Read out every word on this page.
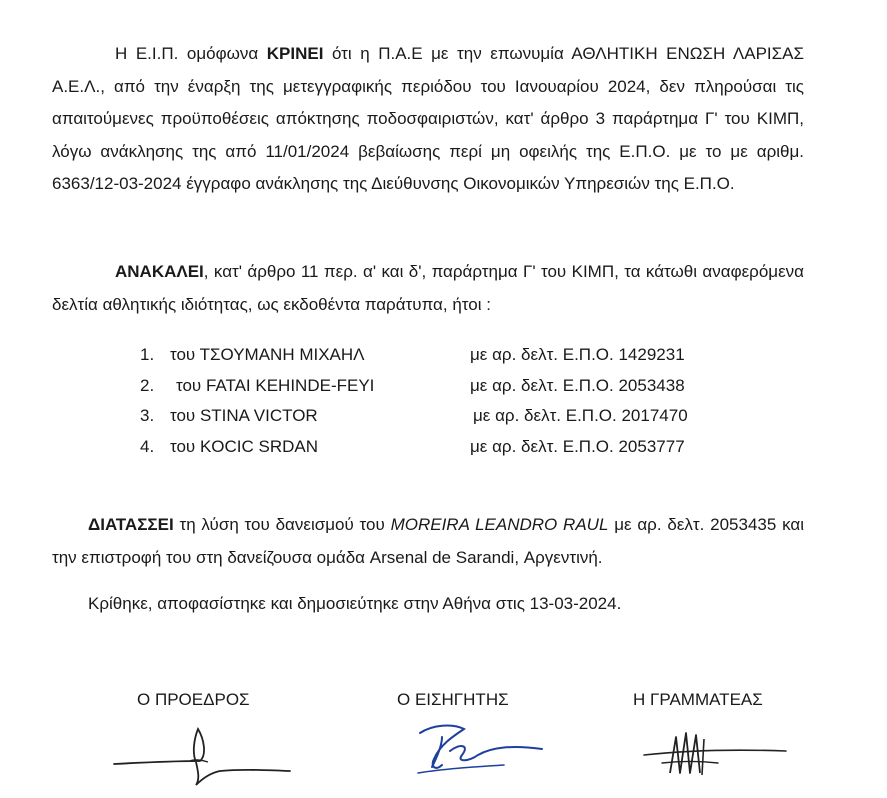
Η Ε.Ι.Π. ομόφωνα ΚΡΙΝΕΙ ότι η Π.Α.Ε με την επωνυμία ΑΘΛΗΤΙΚΗ ΕΝΩΣΗ ΛΑΡΙΣΑΣ Α.Ε.Λ., από την έναρξη της μετεγγραφικής περιόδου του Ιανουαρίου 2024, δεν πληρούσαι τις απαιτούμενες προϋποθέσεις απόκτησης ποδοσφαιριστών, κατ' άρθρο 3 παράρτημα Γ' του ΚΙΜΠ, λόγω ανάκλησης της από 11/01/2024 βεβαίωσης περί μη οφειλής της Ε.Π.Ο. με το με αριθμ. 6363/12-03-2024 έγγραφο ανάκλησης της Διεύθυνσης Οικονομικών Υπηρεσιών της Ε.Π.Ο.
ΑΝΑΚΑΛΕΙ, κατ' άρθρο 11 περ. α' και δ', παράρτημα Γ' του ΚΙΜΠ, τα κάτωθι αναφερόμενα δελτία αθλητικής ιδιότητας, ως εκδοθέντα παράτυπα, ήτοι :
1. του ΤΣΟΥΜΑΝΗ ΜΙΧΑΗΛ	με αρ. δελτ. Ε.Π.Ο. 1429231
2.	του FATAI KEHINDE-FEYI	με αρ. δελτ. Ε.Π.Ο. 2053438
3. του STINA VICTOR	με αρ. δελτ. Ε.Π.Ο. 2017470
4. του KOCIC SRDAN	με αρ. δελτ. Ε.Π.Ο. 2053777
ΔΙΑΤΑΣΣΕΙ τη λύση του δανεισμού του MOREIRA LEANDRO RAUL με αρ. δελτ. 2053435 και την επιστροφή του στη δανείζουσα ομάδα Arsenal de Sarandi, Αργεντινή.
Κρίθηκε, αποφασίστηκε και δημοσιεύτηκε στην Αθήνα στις 13-03-2024.
Ο ΠΡΟΕΔΡΟΣ	Ο ΕΙΣΗΓΗΤΗΣ	Η ΓΡΑΜΜΑΤΕΑΣ
